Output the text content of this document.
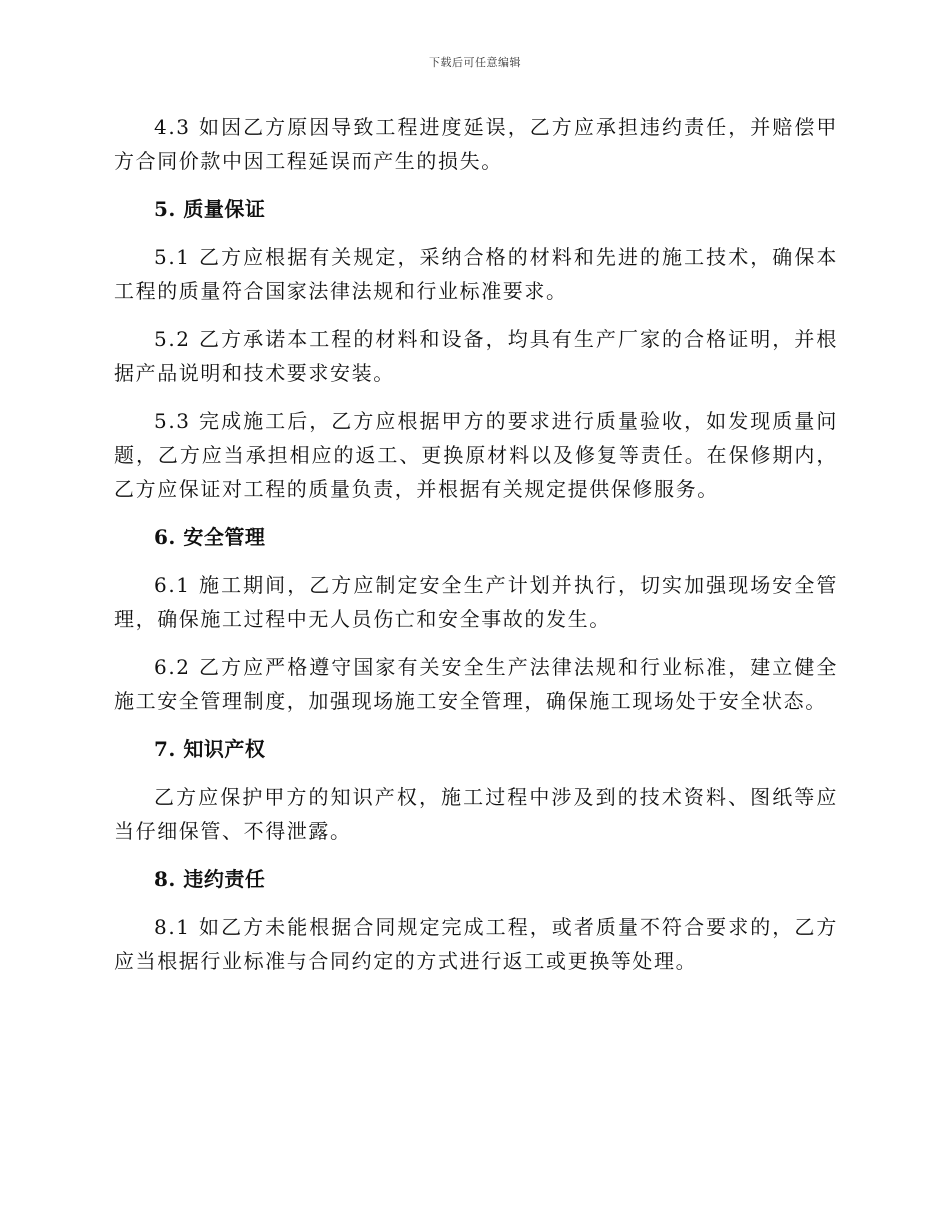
下载后可任意编辑

4.3 如因乙方原因导致工程进度延误，乙方应承担违约责任，并赔偿甲方合同价款中因工程延误而产生的损失。

5. 质量保证

5.1 乙方应根据有关规定，采纳合格的材料和先进的施工技术，确保本工程的质量符合国家法律法规和行业标准要求。

5.2 乙方承诺本工程的材料和设备，均具有生产厂家的合格证明，并根据产品说明和技术要求安装。

5.3 完成施工后，乙方应根据甲方的要求进行质量验收，如发现质量问题，乙方应当承担相应的返工、更换原材料以及修复等责任。在保修期内，乙方应保证对工程的质量负责，并根据有关规定提供保修服务。

6. 安全管理

6.1 施工期间，乙方应制定安全生产计划并执行，切实加强现场安全管理，确保施工过程中无人员伤亡和安全事故的发生。

6.2 乙方应严格遵守国家有关安全生产法律法规和行业标准，建立健全施工安全管理制度，加强现场施工安全管理，确保施工现场处于安全状态。

7. 知识产权

乙方应保护甲方的知识产权，施工过程中涉及到的技术资料、图纸等应当仔细保管、不得泄露。

8. 违约责任

8.1 如乙方未能根据合同规定完成工程，或者质量不符合要求的，乙方应当根据行业标准与合同约定的方式进行返工或更换等处理。
